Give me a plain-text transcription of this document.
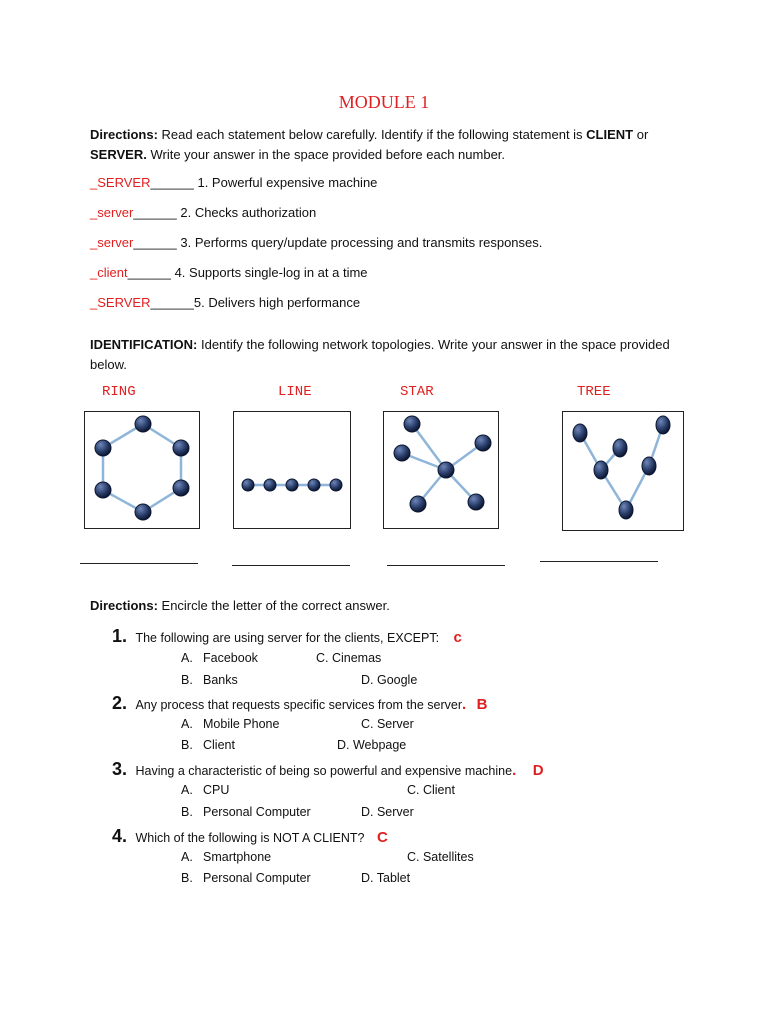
MODULE 1
Directions: Read each statement below carefully. Identify if the following statement is CLIENT or
SERVER. Write your answer in the space provided before each number.
_SERVER______ 1. Powerful expensive machine
_server______ 2. Checks authorization
_server______ 3. Performs query/update processing and transmits responses.
_client______ 4. Supports single-log in at a time
_SERVER______5. Delivers high performance
IDENTIFICATION: Identify the following network topologies. Write your answer in the space provided below.
RING	LINE	STAR	TREE
Directions: Encircle the letter of the correct answer.
1. The following are using server for the clients, EXCEPT: c
A. Facebook	C. Cinemas
B. Banks	D. Google
2. Any process that requests specific services from the server. B
A. Mobile Phone	C. Server
B. Client	D. Webpage
3. Having a characteristic of being so powerful and expensive machine. D
A. CPU	C. Client
B. Personal Computer	D. Server
4. Which of the following is NOT A CLIENT? C
A. Smartphone	C. Satellites
B. Personal Computer	D. Tablet
